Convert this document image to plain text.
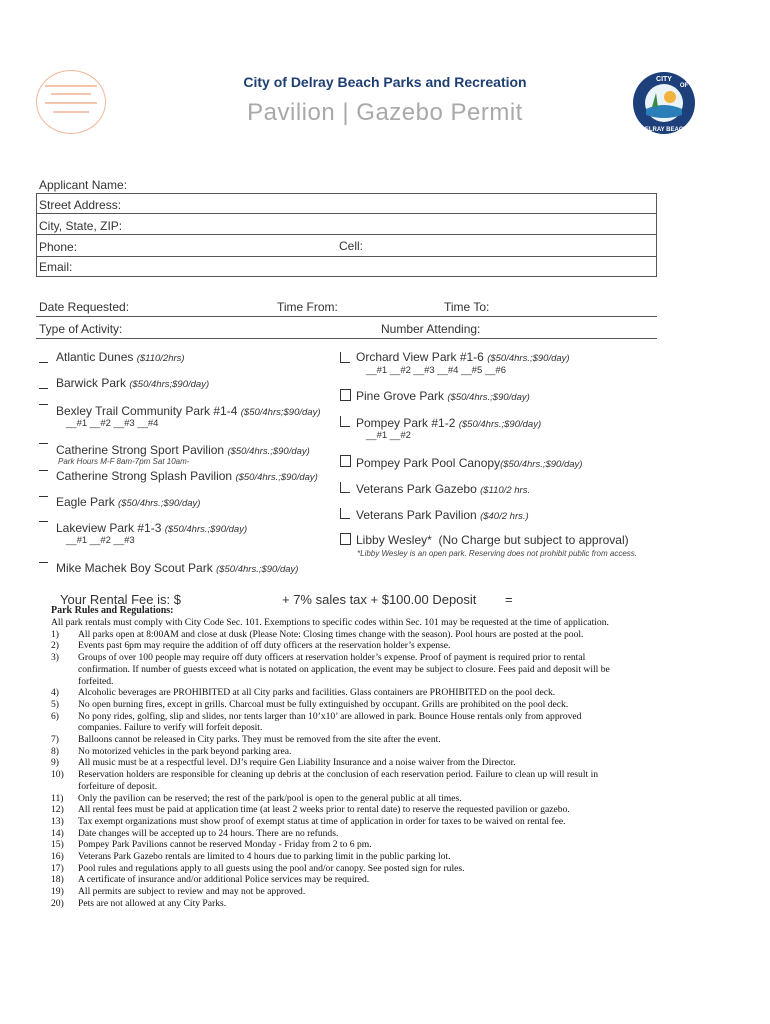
City of Delray Beach Parks and Recreation
Pavilion | Gazebo Permit
CITY
OF
DELRAY BEACH
Applicant Name:
Street Address:
City, State, ZIP:
Phone:	Cell:
Email:
Date Requested:	Time From:	Time To:
Type of Activity:	Number Attending:
Atlantic Dunes ($110/2hrs)
Barwick Park ($50/4hrs;$90/day)
Bexley Trail Community Park #1-4 ($50/4hrs;$90/day)
__#1 __#2 __#3 __#4
Catherine Strong Sport Pavilion ($50/4hrs.;$90/day)
Park Hours M-F 8am-7pm Sat 10am-
Catherine Strong Splash Pavilion ($50/4hrs.;$90/day)
Eagle Park ($50/4hrs.;$90/day)
Lakeview Park #1-3 ($50/4hrs.;$90/day)
__#1 __#2 __#3
Mike Machek Boy Scout Park ($50/4hrs.;$90/day)
Orchard View Park #1-6 ($50/4hrs.;$90/day)
__#1 __#2 __#3 __#4 __#5 __#6
Pine Grove Park ($50/4hrs.;$90/day)
Pompey Park #1-2 ($50/4hrs.;$90/day)
__#1 __#2
Pompey Park Pool Canopy($50/4hrs.;$90/day)
Veterans Park Gazebo ($110/2 hrs.
Veterans Park Pavilion ($40/2 hrs.)
Libby Wesley* (No Charge but subject to approval)
*Libby Wesley is an open park. Reserving does not prohibit public from access.
Your Rental Fee is: $	+ 7% sales tax + $100.00 Deposit =
Park Rules and Regulations:

All park rentals must comply with City Code Sec. 101. Exemptions to specific codes within Sec. 101 may be requested at the time of application.

1)	All parks open at 8:00AM and close at dusk (Please Note: Closing times change with the season). Pool hours are posted at the pool.
2)	Events past 6pm may require the addition of off duty officers at the reservation holder’s expense.
3)	Groups of over 100 people may require off duty officers at reservation holder’s expense. Proof of payment is required prior to rental confirmation. If number of guests exceed what is notated on application, the event may be subject to closure. Fees paid and deposit will be forfeited.
4)	Alcoholic beverages are PROHIBITED at all City parks and facilities. Glass containers are PROHIBITED on the pool deck.
5)	No open burning fires, except in grills. Charcoal must be fully extinguished by occupant. Grills are prohibited on the pool deck.
6)	No pony rides, golfing, slip and slides, nor tents larger than 10’x10’ are allowed in park. Bounce House rentals only from approved companies. Failure to verify will forfeit deposit.
7)	Balloons cannot be released in City parks. They must be removed from the site after the event.
8)	No motorized vehicles in the park beyond parking area.
9)	All music must be at a respectful level. DJ’s require Gen Liability Insurance and a noise waiver from the Director.
10)	Reservation holders are responsible for cleaning up debris at the conclusion of each reservation period. Failure to clean up will result in forfeiture of deposit.
11)	Only the pavilion can be reserved; the rest of the park/pool is open to the general public at all times.
12)	All rental fees must be paid at application time (at least 2 weeks prior to rental date) to reserve the requested pavilion or gazebo.
13)	Tax exempt organizations must show proof of exempt status at time of application in order for taxes to be waived on rental fee.
14)	Date changes will be accepted up to 24 hours. There are no refunds.
15)	Pompey Park Pavilions cannot be reserved Monday - Friday from 2 to 6 pm.
16)	Veterans Park Gazebo rentals are limited to 4 hours due to parking limit in the public parking lot.
17)	Pool rules and regulations apply to all guests using the pool and/or canopy. See posted sign for rules.
18)	A certificate of insurance and/or additional Police services may be required.
19)	All permits are subject to review and may not be approved.
20)	Pets are not allowed at any City Parks.
